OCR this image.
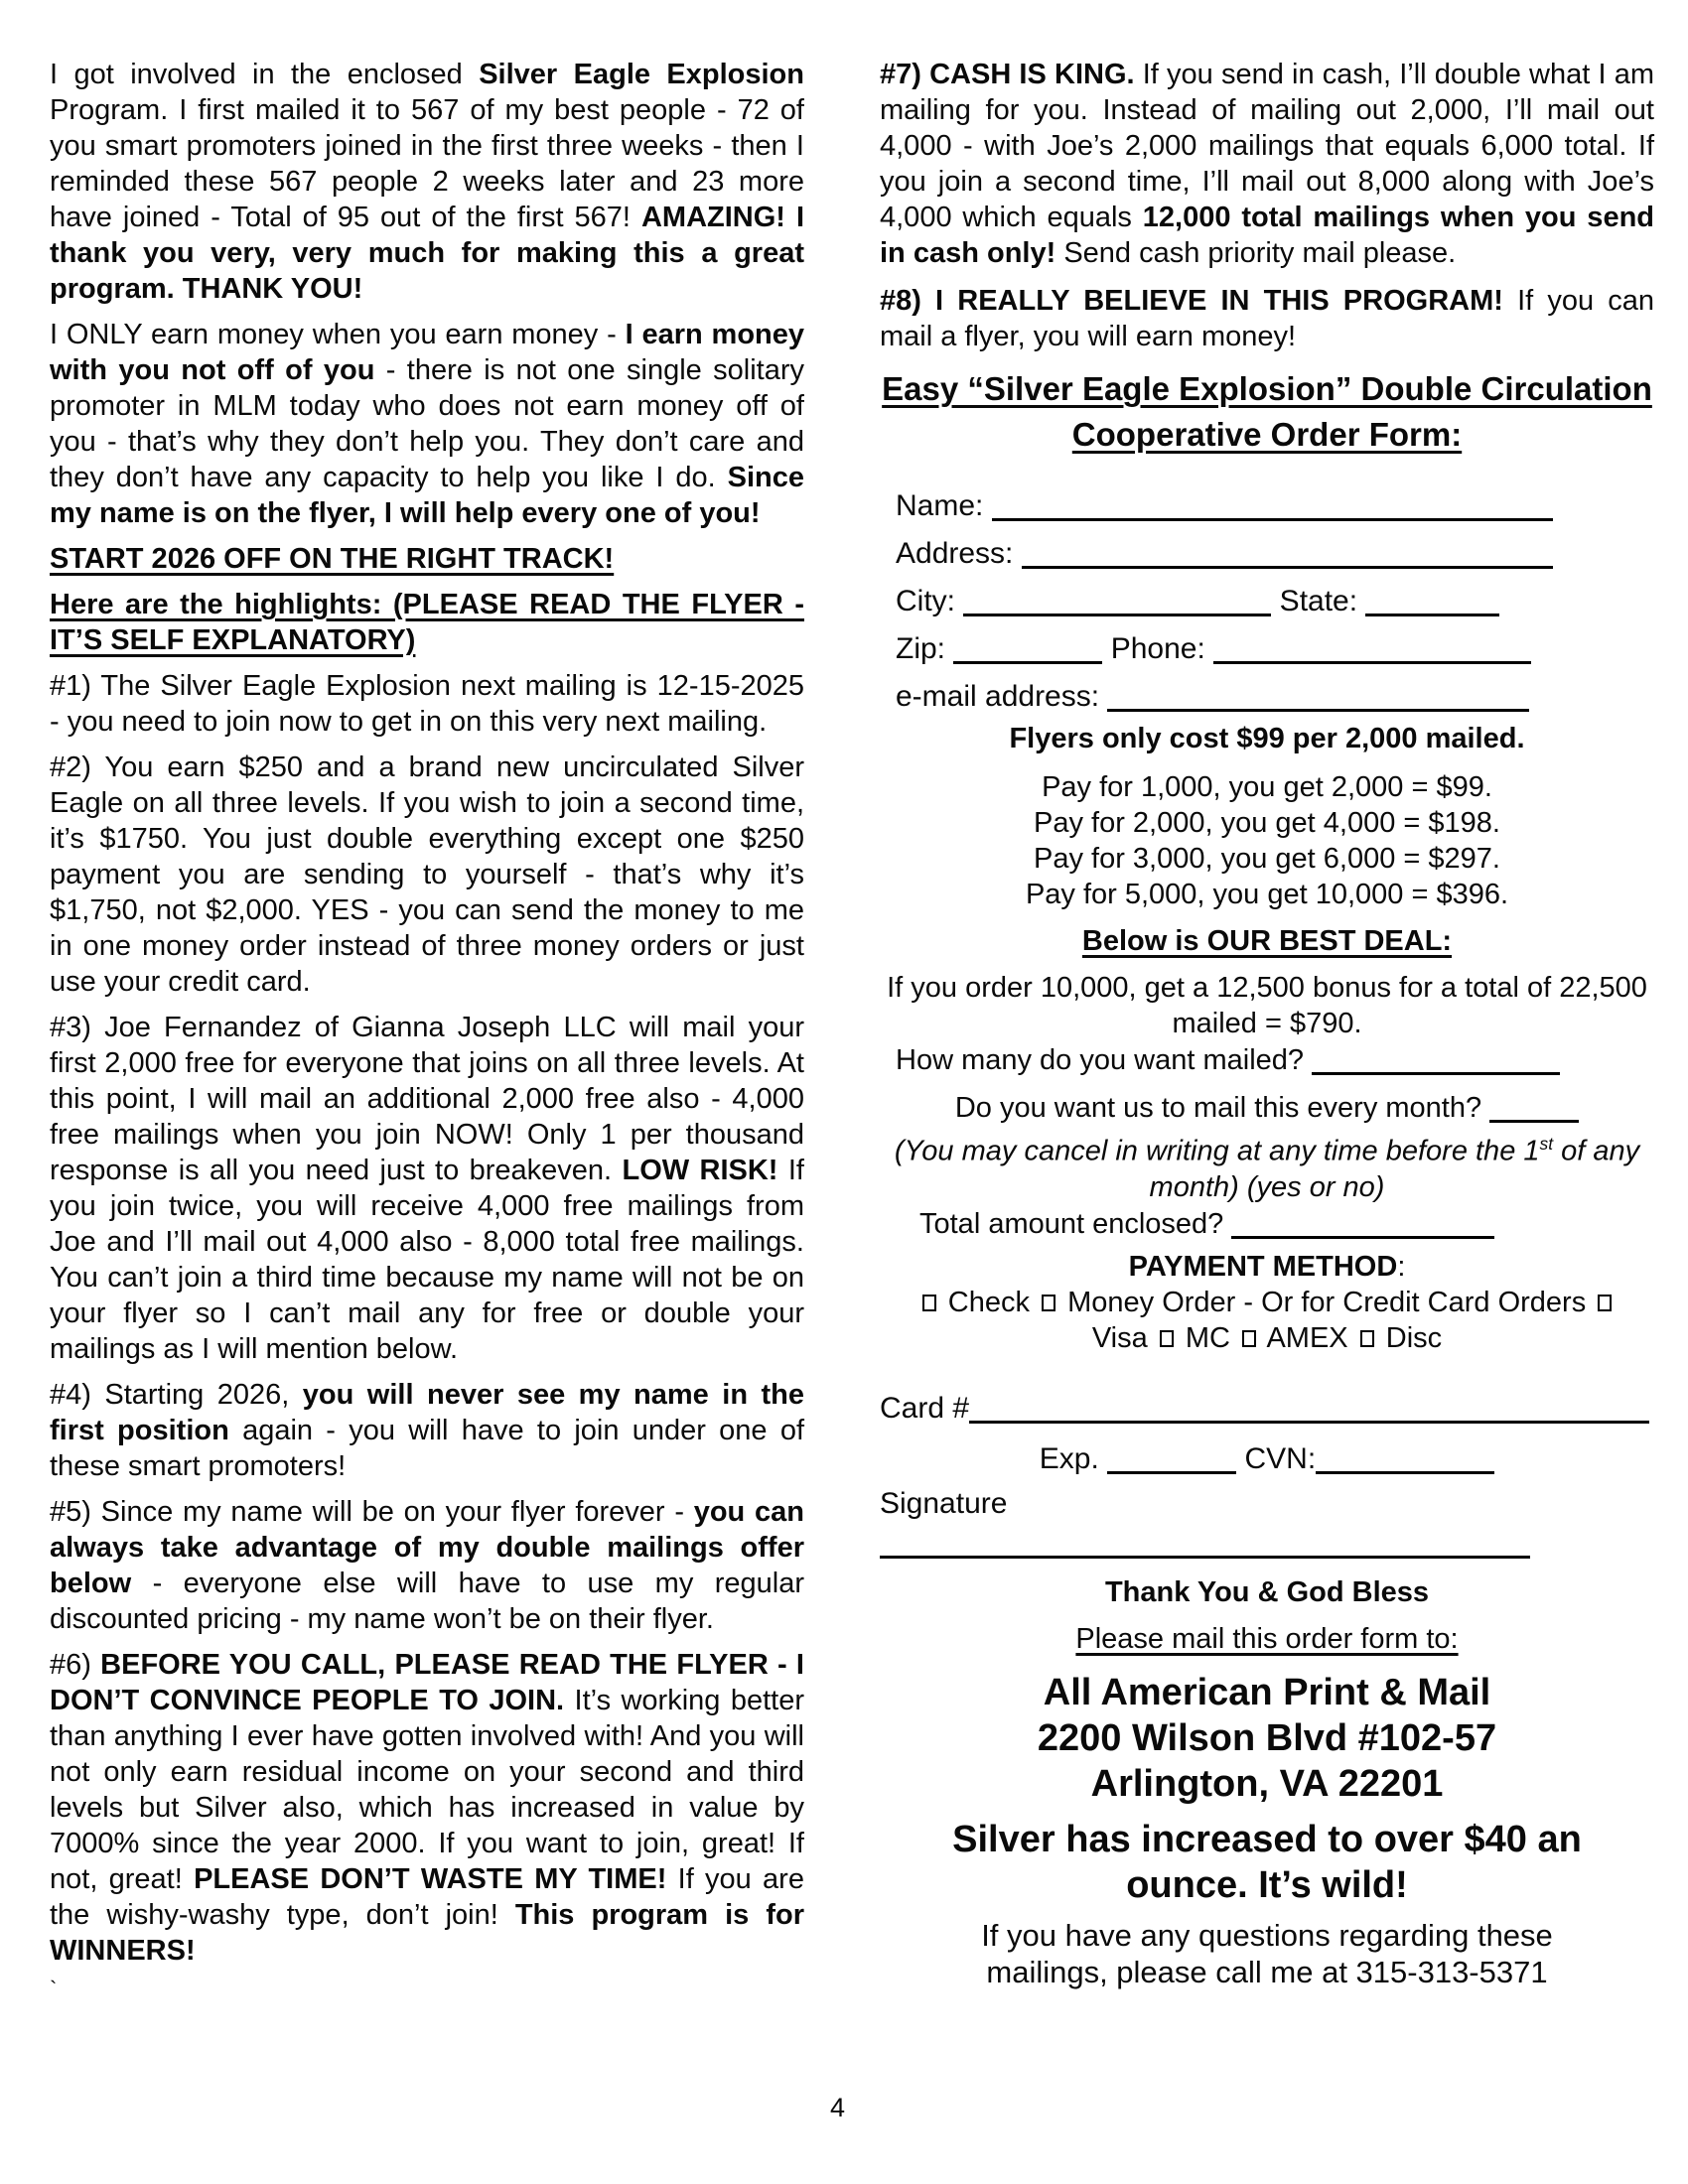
I got involved in the enclosed Silver Eagle Explosion Program. I first mailed it to 567 of my best people - 72 of you smart promoters joined in the first three weeks - then I reminded these 567 people 2 weeks later and 23 more have joined - Total of 95 out of the first 567! AMAZING! I thank you very, very much for making this a great program. THANK YOU!

I ONLY earn money when you earn money - I earn money with you not off of you - there is not one single solitary promoter in MLM today who does not earn money off of you - that’s why they don’t help you. They don’t care and they don’t have any capacity to help you like I do. Since my name is on the flyer, I will help every one of you!

START 2026 OFF ON THE RIGHT TRACK!

Here are the highlights: (PLEASE READ THE FLYER - IT’S SELF EXPLANATORY)

#1) The Silver Eagle Explosion next mailing is 12-15-2025 - you need to join now to get in on this very next mailing.

#2) You earn $250 and a brand new uncirculated Silver Eagle on all three levels. If you wish to join a second time, it’s $1750. You just double everything except one $250 payment you are sending to yourself - that’s why it’s $1,750, not $2,000. YES - you can send the money to me in one money order instead of three money orders or just use your credit card.

#3) Joe Fernandez of Gianna Joseph LLC will mail your first 2,000 free for everyone that joins on all three levels. At this point, I will mail an additional 2,000 free also - 4,000 free mailings when you join NOW! Only 1 per thousand response is all you need just to breakeven. LOW RISK! If you join twice, you will receive 4,000 free mailings from Joe and I’ll mail out 4,000 also - 8,000 total free mailings. You can’t join a third time because my name will not be on your flyer so I can’t mail any for free or double your mailings as I will mention below.

#4) Starting 2026, you will never see my name in the first position again - you will have to join under one of these smart promoters!

#5) Since my name will be on your flyer forever - you can always take advantage of my double mailings offer below - everyone else will have to use my regular discounted pricing - my name won’t be on their flyer.

#6) BEFORE YOU CALL, PLEASE READ THE FLYER - I DON’T CONVINCE PEOPLE TO JOIN. It’s working better than anything I ever have gotten involved with! And you will not only earn residual income on your second and third levels but Silver also, which has increased in value by 7000% since the year 2000. If you want to join, great! If not, great! PLEASE DON’T WASTE MY TIME! If you are the wishy-washy type, don’t join! This program is for WINNERS!

`

#7) CASH IS KING. If you send in cash, I’ll double what I am mailing for you. Instead of mailing out 2,000, I’ll mail out 4,000 - with Joe’s 2,000 mailings that equals 6,000 total. If you join a second time, I’ll mail out 8,000 along with Joe’s 4,000 which equals 12,000 total mailings when you send in cash only! Send cash priority mail please.

#8) I REALLY BELIEVE IN THIS PROGRAM! If you can mail a flyer, you will earn money!

Easy “Silver Eagle Explosion” Double Circulation Cooperative Order Form:

Name:

Address:

City:	State:

Zip:	Phone:

e-mail address:

Flyers only cost $99 per 2,000 mailed.

Pay for 1,000, you get 2,000 = $99.

Pay for 2,000, you get 4,000 = $198.

Pay for 3,000, you get 6,000 = $297.

Pay for 5,000, you get 10,000 = $396.

Below is OUR BEST DEAL:

If you order 10,000, get a 12,500 bonus for a total of 22,500 mailed = $790.

How many do you want mailed?

Do you want us to mail this every month?

(You may cancel in writing at any time before the 1st of any month) (yes or no)

Total amount enclosed?

PAYMENT METHOD:

Check  Money Order - Or for Credit Card Orders

Visa  MC  AMEX  Disc

Card #

Exp.	CVN:

Signature

Thank You & God Bless

Please mail this order form to:

All American Print & Mail

2200 Wilson Blvd #102-57

Arlington, VA 22201

Silver has increased to over $40 an ounce. It’s wild!

If you have any questions regarding these mailings, please call me at 315-313-5371

4
